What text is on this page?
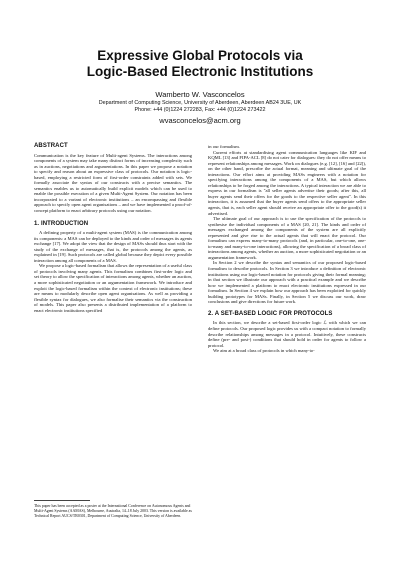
Expressive Global Protocols via
Logic-Based Electronic Institutions
Wamberto W. Vasconcelos
Department of Computing Science, University of Aberdeen, Aberdeen AB24 3UE, UK
Phone: +44 (0)1224 272283, Fax: +44 (0)1224 273422
wvasconcelos@acm.org
ABSTRACT

Communication is the key feature of Multi-agent Systems. The interactions among components of a system may take many distinct forms of increasing complexity such as in auctions, negotiations and argumentations. In this paper we propose a notation to specify and reason about an expressive class of protocols. Our notation is logic-based, employing a restricted form of first-order constraints added with sets. We formally associate the syntax of our constructs with a precise semantics. The semantics enables us to automatically build explicit models which can be used to enable the possible execution of a given Multi-Agent System. Our notation has been incorporated to a variant of electronic institutions – an encompassing and flexible approach to specify open agent organisations – and we have implemented a proof-of-concept platform to enact arbitrary protocols using our notation.

1. INTRODUCTION

A defining property of a multi-agent system (MAS) is the communication among its components: a MAS can be deployed to the kinds and order of messages its agents exchange [17]. We adopt the view that the design of MASs should thus start with the study of the exchange of messages, that is, the protocols among the agents, as explained in [19]. Such protocols are called global because they depict every possible interaction among all components of a MAS.

We propose a logic-based formalism that allows the representation of a useful class of protocols involving many agents. This formalism combines first-order logic and set theory to allow the specification of interactions among agents, whether an auction, a more sophisticated negotiation or an argumentation framework. We introduce and exploit the logic-based formalism within the context of electronic institutions; these are means to modularly describe open agent organisations. As well as providing a flexible syntax for dialogues, we also formalise their semantics via the construction of models. This paper also presents a distributed implementation of a platform to enact electronic institutions specified

This paper has been accepted as a poster at the International Conference on Autonomous Agents and Multi-Agent Systems (AAMAS), Melbourne, Australia, 14–18 July 2003. This version is available as Technical Report AUCS/TR0301, Department of Computing Science, University of Aberdeen.

in our formalism.

Current efforts at standardising agent communication languages like KIF and KQML [13] and FIPA-ACL [8] do not cater for dialogues: they do not offer means to represent relationships among messages. Work on dialogues (e.g. [12], [16] and [22]), on the other hand, prescribe the actual format, meaning and ultimate goal of the interactions. Our effort aims at providing MASs engineers with a notation for specifying interactions among the components of a MAS, but which allows relationships to be forged among the interactions. A typical interaction we are able to express in our formalism is "all seller agents advertise their goods; after this, all buyer agents send their offers for the goods to the respective seller agent". In this interaction, it is assumed that the buyer agents send offers to the appropriate seller agents, that is, each seller agent should receive an appropriate offer to the good(s) it advertised.

The ultimate goal of our approach is to use the specification of the protocols to synthesise the individual components of a MAS [20, 21]. The kinds and order of messages exchanged among the components of the system are all explicitly represented and give rise to the actual agents that will enact the protocol. Our formalism can express many-to-many protocols (and, in particular, one-to-one, one-to-many and many-to-one interactions), allowing the specification of a broad class of interactions among agents, whether an auction, a more sophisticated negotiation or an argumentation framework.

In Section 2 we describe the syntax and semantics of our proposed logic-based formalism to describe protocols. In Section 3 we introduce a definition of electronic institutions using our logic-based notation for protocols giving their formal meaning; in that section we illustrate our approach with a practical example and we describe how we implemented a platform to enact electronic institutions expressed in our formalism. In Section 4 we explain how our approach has been exploited for quickly building prototypes for MASs. Finally, in Section 5 we discuss our work, draw conclusions and give directions for future work.

2. A SET-BASED LOGIC FOR PROTOCOLS

In this section, we describe a set-based first-order logic ℒ with which we can define protocols. Our proposed logic provides us with a compact notation to formally describe relationships among messages in a protocol. Intuitively, these constructs define (pre- and post-) conditions that should hold in order for agents to follow a protocol.

We aim at a broad class of protocols in which many-to-
